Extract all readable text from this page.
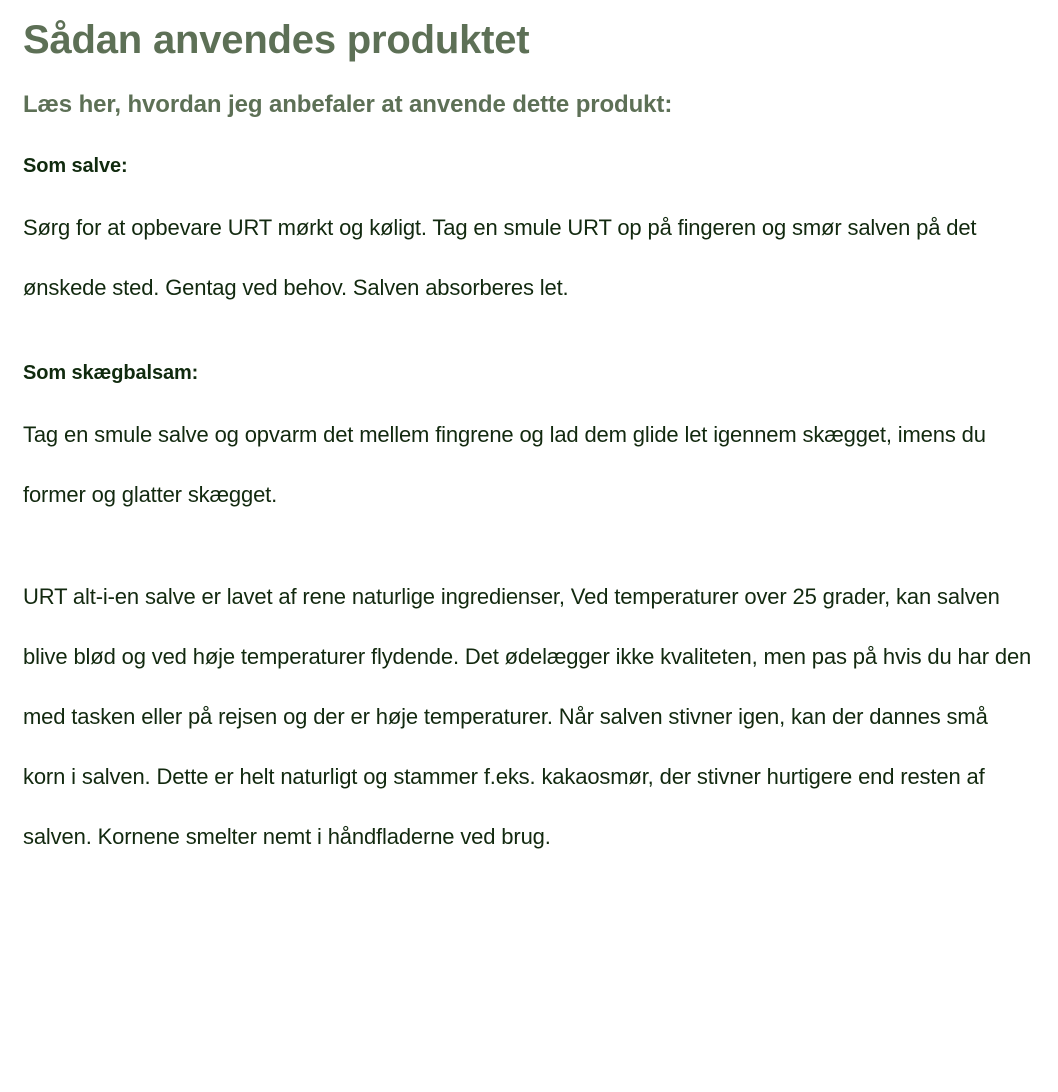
Sådan anvendes produktet
Læs her, hvordan jeg anbefaler at anvende dette produkt:
Som salve:

Sørg for at opbevare URT mørkt og køligt. Tag en smule URT op på fingeren og smør salven på det ønskede sted. Gentag ved behov. Salven absorberes let.

Som skægbalsam:

Tag en smule salve og opvarm det mellem fingrene og lad dem glide let igennem skægget, imens du former og glatter skægget.

URT alt-i-en salve er lavet af rene naturlige ingredienser, Ved temperaturer over 25 grader, kan salven blive blød og ved høje temperaturer flydende. Det ødelægger ikke kvaliteten, men pas på hvis du har den med tasken eller på rejsen og der er høje temperaturer. Når salven stivner igen, kan der dannes små korn i salven. Dette er helt naturligt og stammer f.eks. kakaosmør, der stivner hurtigere end resten af salven. Kornene smelter nemt i håndfladerne ved brug.
